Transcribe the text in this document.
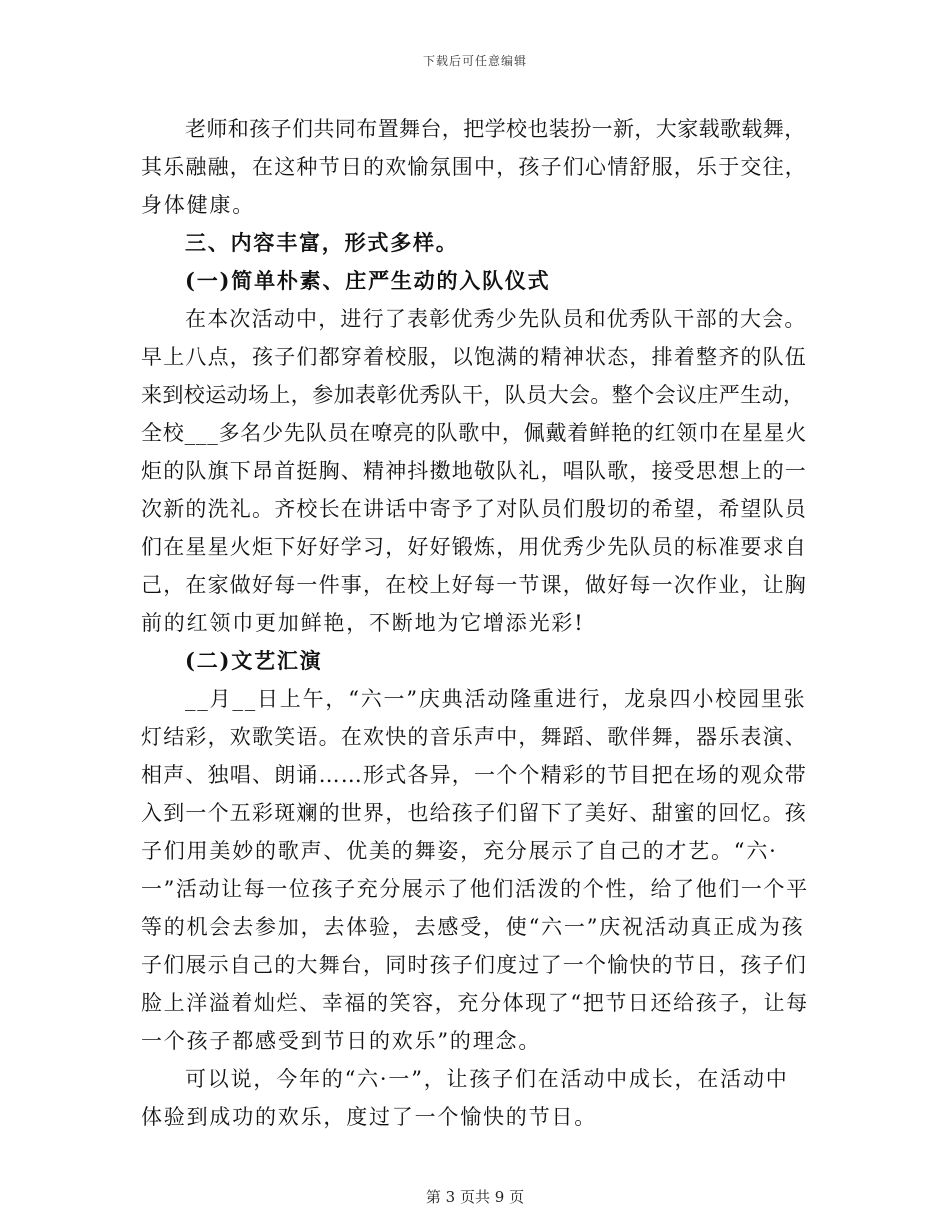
下载后可任意编辑
老师和孩子们共同布置舞台，把学校也装扮一新，大家载歌载舞，
其乐融融，在这种节日的欢愉氛围中，孩子们心情舒服，乐于交往，
身体健康。
三、内容丰富，形式多样。
(一)简单朴素、庄严生动的入队仪式
在本次活动中，进行了表彰优秀少先队员和优秀队干部的大会。
早上八点，孩子们都穿着校服，以饱满的精神状态，排着整齐的队伍
来到校运动场上，参加表彰优秀队干，队员大会。整个会议庄严生动，
全校___多名少先队员在嘹亮的队歌中，佩戴着鲜艳的红领巾在星星火
炬的队旗下昂首挺胸、精神抖擞地敬队礼，唱队歌，接受思想上的一
次新的洗礼。齐校长在讲话中寄予了对队员们殷切的希望，希望队员
们在星星火炬下好好学习，好好锻炼，用优秀少先队员的标准要求自
己，在家做好每一件事，在校上好每一节课，做好每一次作业，让胸
前的红领巾更加鲜艳，不断地为它增添光彩!
(二)文艺汇演
__月__日上午，“六一”庆典活动隆重进行，龙泉四小校园里张
灯结彩，欢歌笑语。在欢快的音乐声中，舞蹈、歌伴舞，器乐表演、
相声、独唱、朗诵……形式各异，一个个精彩的节目把在场的观众带
入到一个五彩斑斓的世界，也给孩子们留下了美好、甜蜜的回忆。孩
子们用美妙的歌声、优美的舞姿，充分展示了自己的才艺。“六·
一”活动让每一位孩子充分展示了他们活泼的个性，给了他们一个平
等的机会去参加，去体验，去感受，使“六一”庆祝活动真正成为孩
子们展示自己的大舞台，同时孩子们度过了一个愉快的节日，孩子们
脸上洋溢着灿烂、幸福的笑容，充分体现了“把节日还给孩子，让每
一个孩子都感受到节日的欢乐”的理念。
可以说，今年的“六·一”，让孩子们在活动中成长，在活动中
体验到成功的欢乐，度过了一个愉快的节日。
第 3 页共 9 页
